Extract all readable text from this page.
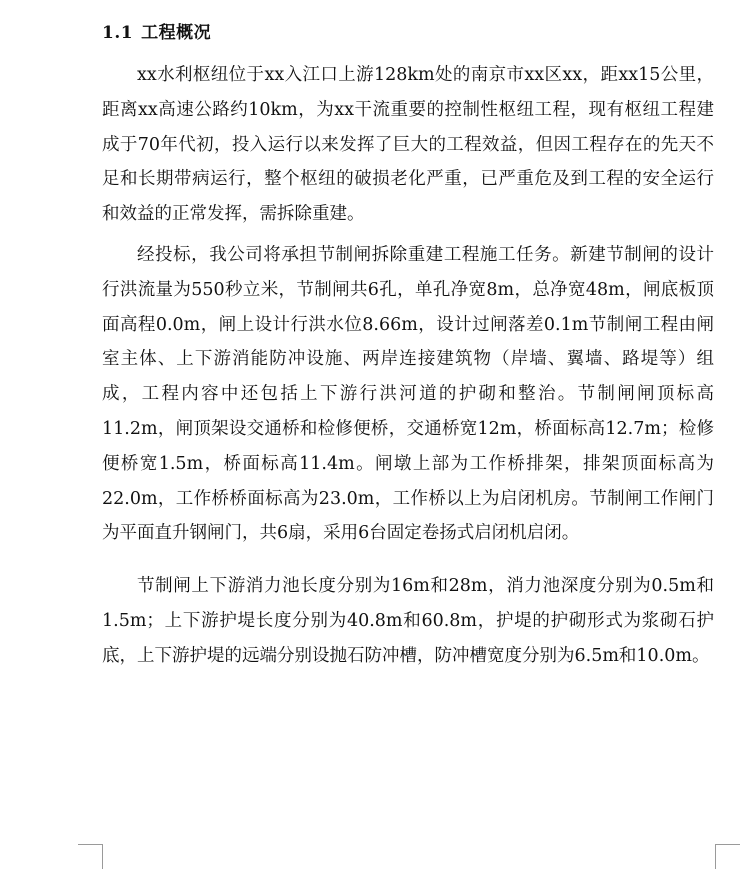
1.1 工程概况

xx水利枢纽位于xx入江口上游128km处的南京市xx区xx，距xx15公里，距离xx高速公路约10km，为xx干流重要的控制性枢纽工程，现有枢纽工程建成于70年代初，投入运行以来发挥了巨大的工程效益，但因工程存在的先天不足和长期带病运行，整个枢纽的破损老化严重，已严重危及到工程的安全运行和效益的正常发挥，需拆除重建。

经投标，我公司将承担节制闸拆除重建工程施工任务。新建节制闸的设计行洪流量为550秒立米，节制闸共6孔，单孔净宽8m，总净宽48m，闸底板顶面高程0.0m，闸上设计行洪水位8.66m，设计过闸落差0.1m节制闸工程由闸室主体、上下游消能防冲设施、两岸连接建筑物（岸墙、翼墙、路堤等）组成，工程内容中还包括上下游行洪河道的护砌和整治。节制闸闸顶标高11.2m，闸顶架设交通桥和检修便桥，交通桥宽12m，桥面标高12.7m；检修便桥宽1.5m，桥面标高11.4m。闸墩上部为工作桥排架，排架顶面标高为22.0m，工作桥桥面标高为23.0m，工作桥以上为启闭机房。节制闸工作闸门为平面直升钢闸门，共6扇，采用6台固定卷扬式启闭机启闭。

节制闸上下游消力池长度分别为16m和28m，消力池深度分别为0.5m和1.5m；上下游护堤长度分别为40.8m和60.8m，护堤的护砌形式为浆砌石护底，上下游护堤的远端分别设抛石防冲槽，防冲槽宽度分别为6.5m和10.0m。
